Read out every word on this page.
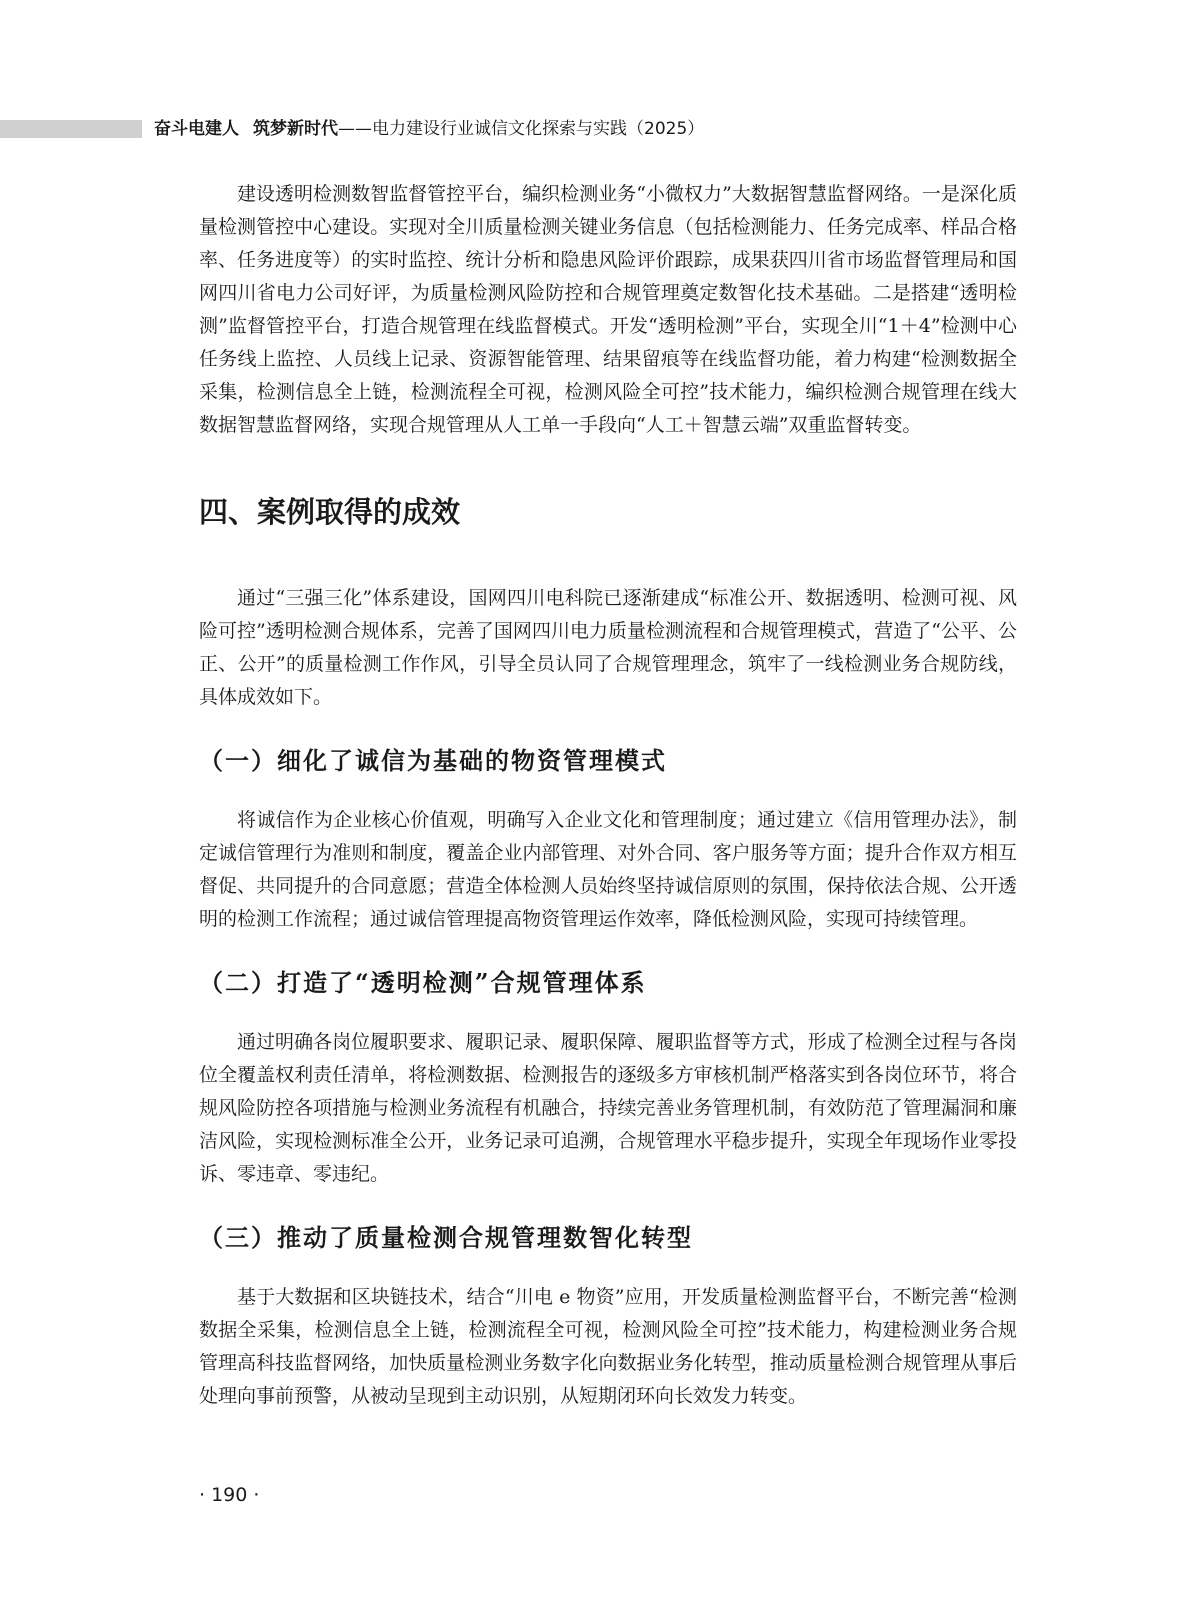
奋斗电建人 筑梦新时代——电力建设行业诚信文化探索与实践（2025）

建设透明检测数智监督管控平台，编织检测业务“小微权力”大数据智慧监督网络。一是深化质量检测管控中心建设。实现对全川质量检测关键业务信息（包括检测能力、任务完成率、样品合格率、任务进度等）的实时监控、统计分析和隐患风险评价跟踪，成果获四川省市场监督管理局和国网四川省电力公司好评，为质量检测风险防控和合规管理奠定数智化技术基础。二是搭建“透明检测”监督管控平台，打造合规管理在线监督模式。开发“透明检测”平台，实现全川“1＋4”检测中心任务线上监控、人员线上记录、资源智能管理、结果留痕等在线监督功能，着力构建“检测数据全采集，检测信息全上链，检测流程全可视，检测风险全可控”技术能力，编织检测合规管理在线大数据智慧监督网络，实现合规管理从人工单一手段向“人工＋智慧云端”双重监督转变。

四、案例取得的成效

通过“三强三化”体系建设，国网四川电科院已逐渐建成“标准公开、数据透明、检测可视、风险可控”透明检测合规体系，完善了国网四川电力质量检测流程和合规管理模式，营造了“公平、公正、公开”的质量检测工作作风，引导全员认同了合规管理理念，筑牢了一线检测业务合规防线，具体成效如下。

（一）细化了诚信为基础的物资管理模式

将诚信作为企业核心价值观，明确写入企业文化和管理制度；通过建立《信用管理办法》，制定诚信管理行为准则和制度，覆盖企业内部管理、对外合同、客户服务等方面；提升合作双方相互督促、共同提升的合同意愿；营造全体检测人员始终坚持诚信原则的氛围，保持依法合规、公开透明的检测工作流程；通过诚信管理提高物资管理运作效率，降低检测风险，实现可持续管理。

（二）打造了“透明检测”合规管理体系

通过明确各岗位履职要求、履职记录、履职保障、履职监督等方式，形成了检测全过程与各岗位全覆盖权利责任清单，将检测数据、检测报告的逐级多方审核机制严格落实到各岗位环节，将合规风险防控各项措施与检测业务流程有机融合，持续完善业务管理机制，有效防范了管理漏洞和廉洁风险，实现检测标准全公开，业务记录可追溯，合规管理水平稳步提升，实现全年现场作业零投诉、零违章、零违纪。

（三）推动了质量检测合规管理数智化转型

基于大数据和区块链技术，结合“川电 e 物资”应用，开发质量检测监督平台，不断完善“检测数据全采集，检测信息全上链，检测流程全可视，检测风险全可控”技术能力，构建检测业务合规管理高科技监督网络，加快质量检测业务数字化向数据业务化转型，推动质量检测合规管理从事后处理向事前预警，从被动呈现到主动识别，从短期闭环向长效发力转变。

· 190 ·
